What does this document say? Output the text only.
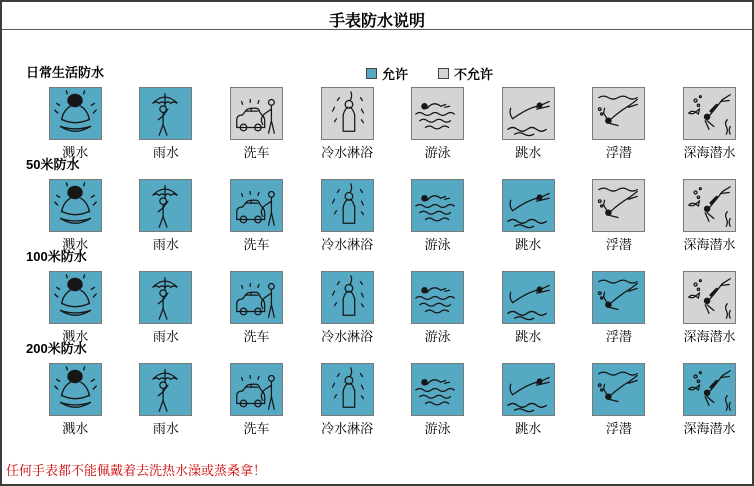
手表防水说明
允许	不允许
日常生活防水
溅水	雨水	洗车	冷水淋浴	游泳	跳水	浮潜	深海潜水
50米防水
溅水	雨水	洗车	冷水淋浴	游泳	跳水	浮潜	深海潜水
100米防水
溅水	雨水	洗车	冷水淋浴	游泳	跳水	浮潜	深海潜水
200米防水
溅水	雨水	洗车	冷水淋浴	游泳	跳水	浮潜	深海潜水
任何手表都不能佩戴着去洗热水澡或蒸桑拿！
